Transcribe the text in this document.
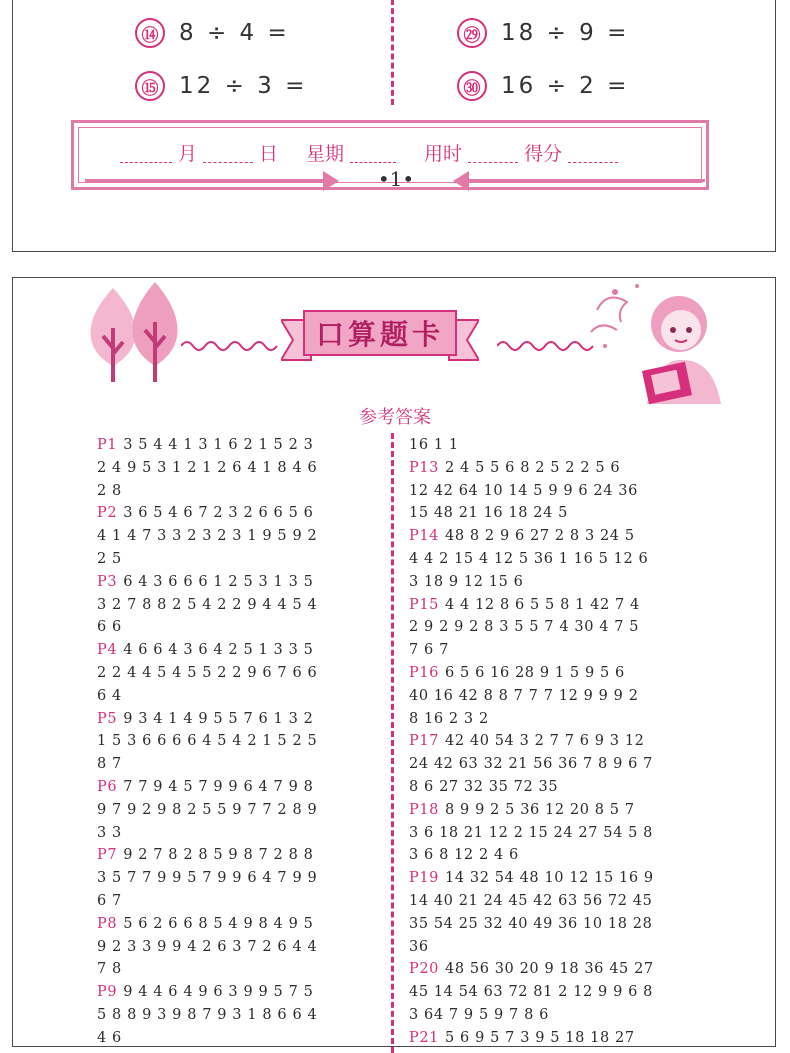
⑭ 8 ÷ 4 =
⑮ 12 ÷ 3 =
㉙ 18 ÷ 9 =
㉚ 16 ÷ 2 =
月	日 星期	用时	得分
•1•
口算题卡
参考答案
P1 3 5 4 4 1 3 1 6 2 1 5 2 3
2 4 9 5 3 1 2 1 2 6 4 1 8 4 6
2 8
P2 3 6 5 4 6 7 2 3 2 6 6 5 6
4 1 4 7 3 3 2 3 2 3 1 9 5 9 2
2 5
P3 6 4 3 6 6 6 1 2 5 3 1 3 5
3 2 7 8 8 2 5 4 2 2 9 4 4 5 4
6 6
P4 4 6 6 4 3 6 4 2 5 1 3 3 5
2 2 4 4 5 4 5 5 2 2 9 6 7 6 6
6 4
P5 9 3 4 1 4 9 5 5 7 6 1 3 2
1 5 3 6 6 6 6 4 5 4 2 1 5 2 5
8 7
P6 7 7 9 4 5 7 9 9 6 4 7 9 8
9 7 9 2 9 8 2 5 5 9 7 7 2 8 9
3 3
P7 9 2 7 8 2 8 5 9 8 7 2 8 8
3 5 7 7 9 9 5 7 9 9 6 4 7 9 9
6 7
P8 5 6 2 6 6 8 5 4 9 8 4 9 5
9 2 3 3 9 9 4 2 6 3 7 2 6 4 4
7 8
P9 9 4 4 6 4 9 6 3 9 9 5 7 5
5 8 8 9 3 9 8 7 9 3 1 8 6 6 4
4 6
16 1 1
P13 2 4 5 5 6 8 2 5 2 2 5 6
12 42 64 10 14 5 9 9 6 24 36
15 48 21 16 18 24 5
P14 48 8 2 9 6 27 2 8 3 24 5
4 4 2 15 4 12 5 36 1 16 5 12 6
3 18 9 12 15 6
P15 4 4 12 8 6 5 5 8 1 42 7 4
2 9 2 9 2 8 3 5 5 7 4 30 4 7 5
7 6 7
P16 6 5 6 16 28 9 1 5 9 5 6
40 16 42 8 8 7 7 7 12 9 9 9 2
8 16 2 3 2
P17 42 40 54 3 2 7 7 6 9 3 12
24 42 63 32 21 56 36 7 8 9 6 7
8 6 27 32 35 72 35
P18 8 9 9 2 5 36 12 20 8 5 7
3 6 18 21 12 2 15 24 27 54 5 8
3 6 8 12 2 4 6
P19 14 32 54 48 10 12 15 16 9
14 40 21 24 45 42 63 56 72 45
35 54 25 32 40 49 36 10 18 28
36
P20 48 56 30 20 9 18 36 45 27
45 14 54 63 72 81 2 12 9 9 6 8
3 64 7 9 5 9 7 8 6
P21 5 6 9 5 7 3 9 5 18 18 27
